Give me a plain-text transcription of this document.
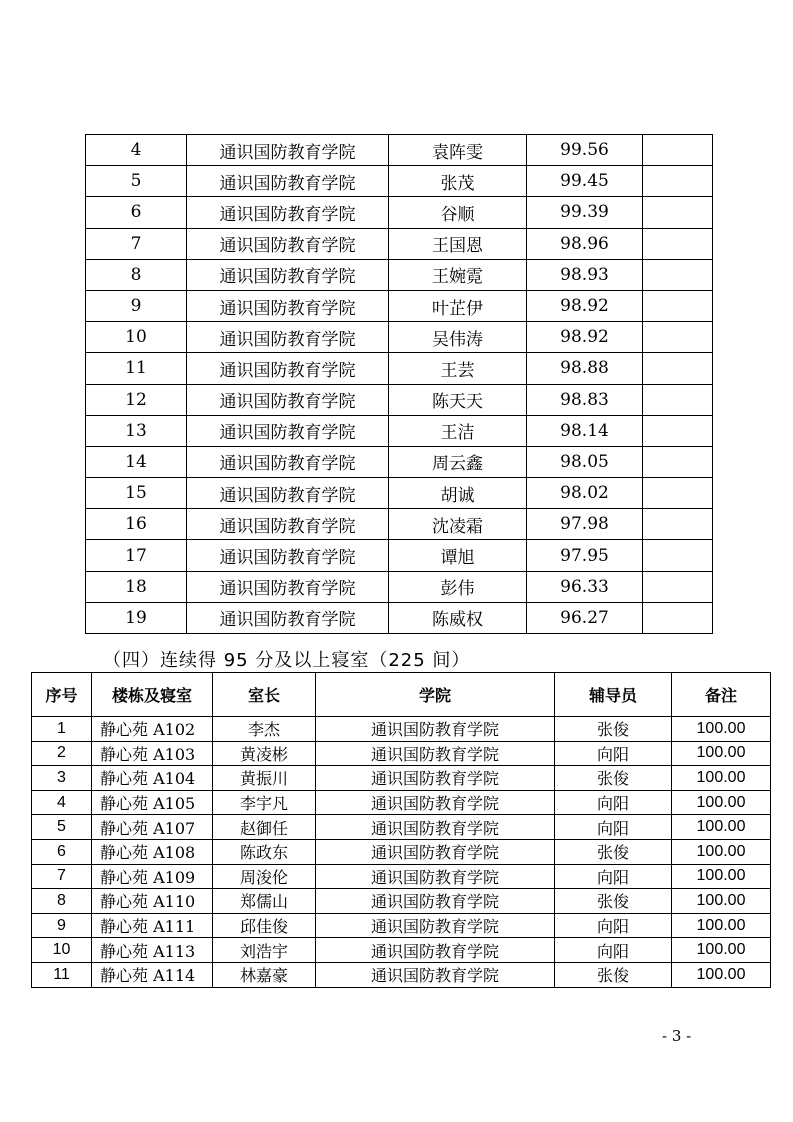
4	通识国防教育学院	袁阵雯	99.56	
5	通识国防教育学院	张茂	99.45	
6	通识国防教育学院	谷顺	99.39	
7	通识国防教育学院	王国恩	98.96	
8	通识国防教育学院	王婉霓	98.93	
9	通识国防教育学院	叶芷伊	98.92	
10	通识国防教育学院	吴伟涛	98.92	
11	通识国防教育学院	王芸	98.88	
12	通识国防教育学院	陈天天	98.83	
13	通识国防教育学院	王洁	98.14	
14	通识国防教育学院	周云鑫	98.05	
15	通识国防教育学院	胡诚	98.02	
16	通识国防教育学院	沈凌霜	97.98	
17	通识国防教育学院	谭旭	97.95	
18	通识国防教育学院	彭伟	96.33	
19	通识国防教育学院	陈威权	96.27	
（四）连续得 95 分及以上寝室（225 间）
序号	楼栋及寝室	室长	学院	辅导员	备注
1	静心苑 A102	李杰	通识国防教育学院	张俊	100.00
2	静心苑 A103	黄凌彬	通识国防教育学院	向阳	100.00
3	静心苑 A104	黄振川	通识国防教育学院	张俊	100.00
4	静心苑 A105	李宇凡	通识国防教育学院	向阳	100.00
5	静心苑 A107	赵御任	通识国防教育学院	向阳	100.00
6	静心苑 A108	陈政东	通识国防教育学院	张俊	100.00
7	静心苑 A109	周浚伦	通识国防教育学院	向阳	100.00
8	静心苑 A110	郑儒山	通识国防教育学院	张俊	100.00
9	静心苑 A111	邱佳俊	通识国防教育学院	向阳	100.00
10	静心苑 A113	刘浩宇	通识国防教育学院	向阳	100.00
11	静心苑 A114	林嘉豪	通识国防教育学院	张俊	100.00
- 3 -
